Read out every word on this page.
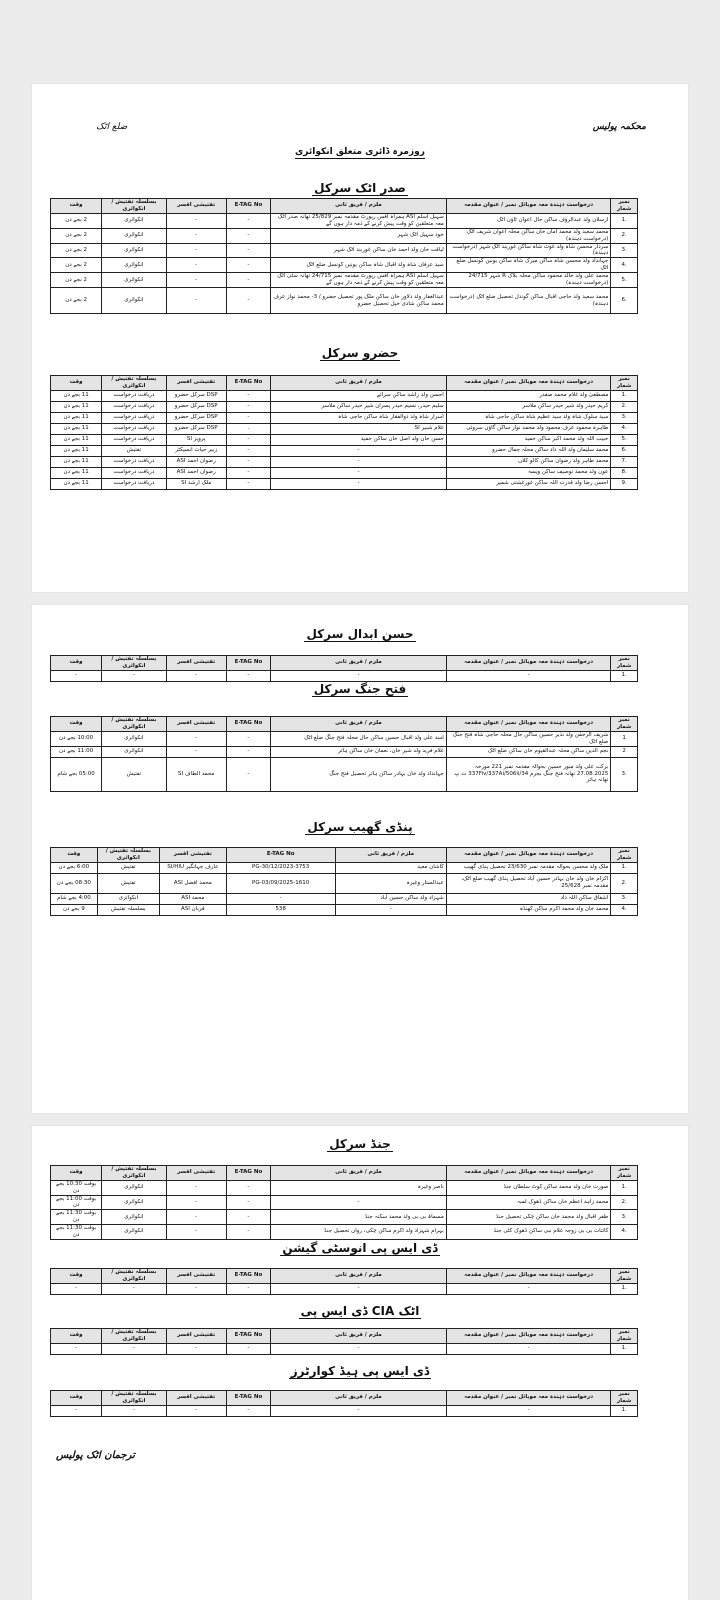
محکمہ پولیس
ضلع اٹک
روزمرہ ڈائری متعلق انکوائری
ترجمان اٹک پولیس
صدر اٹک سرکل
نمبر شمار	درخواست دہندہ معہ موبائل نمبر / عنوان مقدمہ	ملزم / فریق ثانی	E-TAG No	تفتیشی افسر	بسلسلہ تفتیش / انکوائری	وقت
.1	ارسلان ولد عبدالرؤف ساکن حال اعوان ٹاؤن اٹک	سہیل اسلم ASI ہمراہ آفس رپورٹ مقدمہ نمبر 25/829 تھانہ صدر اٹک معہ متعلقین کو وقت پیش کرنے کے ذمہ دار ہوں گے	-	-	انکوائری	2 بجے دن
.2	محمد سعید ولد محمد امان خان ساکن محلہ اعوان شریف اٹک (درخواست دہندہ)	خود سہیل اٹک شہر	-	-	انکوائری	2 بجے دن
.3	سردار محسن شاہ ولد غوث شاہ ساکن غوربند اٹک شہر (درخواست دہندہ)	لیاقت خان ولد احمد خان ساکن غوربند اٹک شہر	-	-	انکوائری	2 بجے دن
.4	جہانداد ولد محسن شاہ ساکن میرک شاہ ساکن یونین کونسل ضلع اٹک	سید عرفان شاہ ولد اقبال شاہ ساکن یونین کونسل ضلع اٹک	-	-	انکوائری	2 بجے دن
.5	محمد علی ولد خالد محمود ساکن محلہ بلاک R شہر 24/715 (درخواست دہندہ)	سہیل اسلم ASI ہمراہ آفس رپورٹ مقدمہ نمبر 24/715 تھانہ سٹی اٹک معہ متعلقین کو وقت پیش کرنے کے ذمہ دار ہوں گے	-	-	انکوائری	2 بجے دن
.6	محمد سعید ولد حاجی اقبال ساکن گوندل تحصیل ضلع اٹک (درخواست دہندہ)	عبدالغفار ولد دلاور خان ساکن ملک پور تحصیل حضرو / 3- محمد نواز عرف محمد ساکن شادی خیل تحصیل حضرو	-	-	انکوائری	2 بجے دن
حضرو سرکل
نمبر شمار	درخواست دہندہ معہ موبائل نمبر / عنوان مقدمہ	ملزم / فریق ثانی	E-TAG No	تفتیشی افسر	بسلسلہ تفتیش / انکوائری	وقت
.1	مصطفیٰ ولد غلام محمد صفدر	احسن ولد راشد ساکن سرائے	-	DSP سرکل حضرو	دریافت درخواست	11 بجے دن
.2	کریم حیدر ولد شیر حیدر ساکن ملاسر	سلیم حیدر، نسیم حیدر پسران شیر حیدر ساکن ملاسر	-	DSP سرکل حضرو	دریافت درخواست	11 بجے دن
.3	سید سلوک شاہ ولد سید عظیم شاہ ساکن حاجی شاہ	اسرار شاہ ولد ذوالفقار شاہ ساکن حاجی شاہ	-	DSP سرکل حضرو	دریافت درخواست	11 بجے دن
.4	طاہرہ محمود عرف محمود ولد محمد نواز ساکن گاؤں سروئی	غلام شبیر SI	.	DSP سرکل حضرو	دریافت درخواست	11 بجے دن
.5	حبیب اللہ ولد محمد اکبر ساکن حمید	حسن خان ولد اصل خان ساکن حمید	-	پرویز SI	دریافت درخواست	11 بجے دن
.6	محمد سلیمان ولد اللہ داد ساکن محلہ جمال حضرو	-	-	زبیر حیات انسپکٹر	تفتیش	11 بجے دن
.7	محمد طاہر ولد رضوان ساکن کالو کلاں	-	-	رضوان احمد ASI	دریافت درخواست	11 بجے دن
.8	عون ولد محمد توصیف ساکن ویسہ	-	-	رضوان احمد ASI	دریافت درخواست	11 بجے دن
.9	احسن رضا ولد قدرت اللہ ساکن غورغشتی شمیر	-	-	ملک ارشد SI	دریافت درخواست	11 بجے دن
حسن ابدال سرکل
نمبر شمار	درخواست دہندہ معہ موبائل نمبر / عنوان مقدمہ	ملزم / فریق ثانی	E-TAG No	تفتیشی افسر	بسلسلہ تفتیش / انکوائری	وقت
.1	-	-	-	-	-	-
فتح جنگ سرکل
نمبر شمار	درخواست دہندہ معہ موبائل نمبر / عنوان مقدمہ	ملزم / فریق ثانی	E-TAG No	تفتیشی افسر	بسلسلہ تفتیش / انکوائری	وقت
1	شریف الرحمٰن ولد نذیر حسین ساکن حال محلہ حاجی شاہ فتح جنگ ضلع اٹک	اسد علی ولد اقبال حسین ساکن حال محلہ فتح جنگ ضلع اٹک	-	-	انکوائری	10:00 بجے دن
2	نجم الدین ساکن محلہ عبدالقیوم خان ساکن ضلع اٹک	غلام فرید ولد شیر خان، نعمان خان ساکن ہاتر	-	-	انکوائری	11:00 بجے دن
.3	برکت علی ولد منور حسین بحوالہ مقدمہ نمبر 221 مورخہ 27.08.2025 تھانہ فتح جنگ بجرم 337Fiv/337Ai/506ii/34 ت پ تھانہ ہاتر	جہانداد ولد خان بہادر ساکن ہاتر تحصیل فتح جنگ	-	محمد الطاف SI	تفتیش	05:00 بجے شام
پنڈی گھیب سرکل
نمبر شمار	درخواست دہندہ معہ موبائل نمبر / عنوان مقدمہ	ملزم / فریق ثانی	E-TAG No	تفتیشی افسر	بسلسلہ تفتیش / انکوائری	وقت
.1	ملک ولد محسن بحوالہ مقدمہ نمبر 23/630 تحصیل پنڈی گھیب	کاشان معید	PG-30/12/2023-3753	عارف جہانگیر SI/HIU	تفتیش	6:00 بجے دن
.2	اکرام خان ولد خان بہادر حسین آباد تحصیل پنڈی گھیب ضلع اٹک، مقدمہ نمبر 25/628	عبدالستار وغیرہ	PG-03/09/2025-1610	محمد افضل ASI	تفتیش	08:30 بجے دن
.3	اشفاق ساکن اللہ داد	شہزاد ولد ساکن حسین آباد	-	محمد ASI	انکوائری	4:00 بجے شام
.4	محمد خان ولد محمد اکرم ساکن کھنڈہ	-	538	قربان ASI	بسلسلہ تفتیش	9 بجے دن
جنڈ سرکل
نمبر شمار	درخواست دہندہ معہ موبائل نمبر / عنوان مقدمہ	ملزم / فریق ثانی	E-TAG No	تفتیشی افسر	بسلسلہ تفتیش / انکوائری	وقت
.1	صورت خان ولد محمد ساکن کوٹ سلطان جنڈ	ناصر وغیرہ	-	-	انکوائری	بوقت 10:30 بجے دن
.2	محمد زاہد اعظم خان ساکن ڈھوک لمبہ	-	-	-	انکوائری	بوقت 11:00 بجے دن
.3	ظفر اقبال ولد محمد خان ساکن چکی تحصیل جنڈ	مسماۃ بی بی ولد محمد سکنہ جنڈ	-	-	انکوائری	بوقت 11:30 بجے دن
.4	کائنات بی بی زوجہ غلام نبی ساکن ڈھوک کٹی جنڈ	بہرام شہزاد ولد اکرم ساکن چکی، رواں تحصیل جنڈ	-	-	انکوائری	بوقت 11:30 بجے دن
ڈی ایس پی انوسٹی گیشن
نمبر شمار	درخواست دہندہ معہ موبائل نمبر / عنوان مقدمہ	ملزم / فریق ثانی	E-TAG No	تفتیشی افسر	بسلسلہ تفتیش / انکوائری	وقت
.1	-	-	-	-	-	-
ڈی ایس پی CIA اٹک
نمبر شمار	درخواست دہندہ معہ موبائل نمبر / عنوان مقدمہ	ملزم / فریق ثانی	E-TAG No	تفتیشی افسر	بسلسلہ تفتیش / انکوائری	وقت
.1	-	-	-	-	-	-
ڈی ایس پی ہیڈ کوارٹرز
نمبر شمار	درخواست دہندہ معہ موبائل نمبر / عنوان مقدمہ	ملزم / فریق ثانی	E-TAG No	تفتیشی افسر	بسلسلہ تفتیش / انکوائری	وقت
.1	-	-	-	-	-	-
